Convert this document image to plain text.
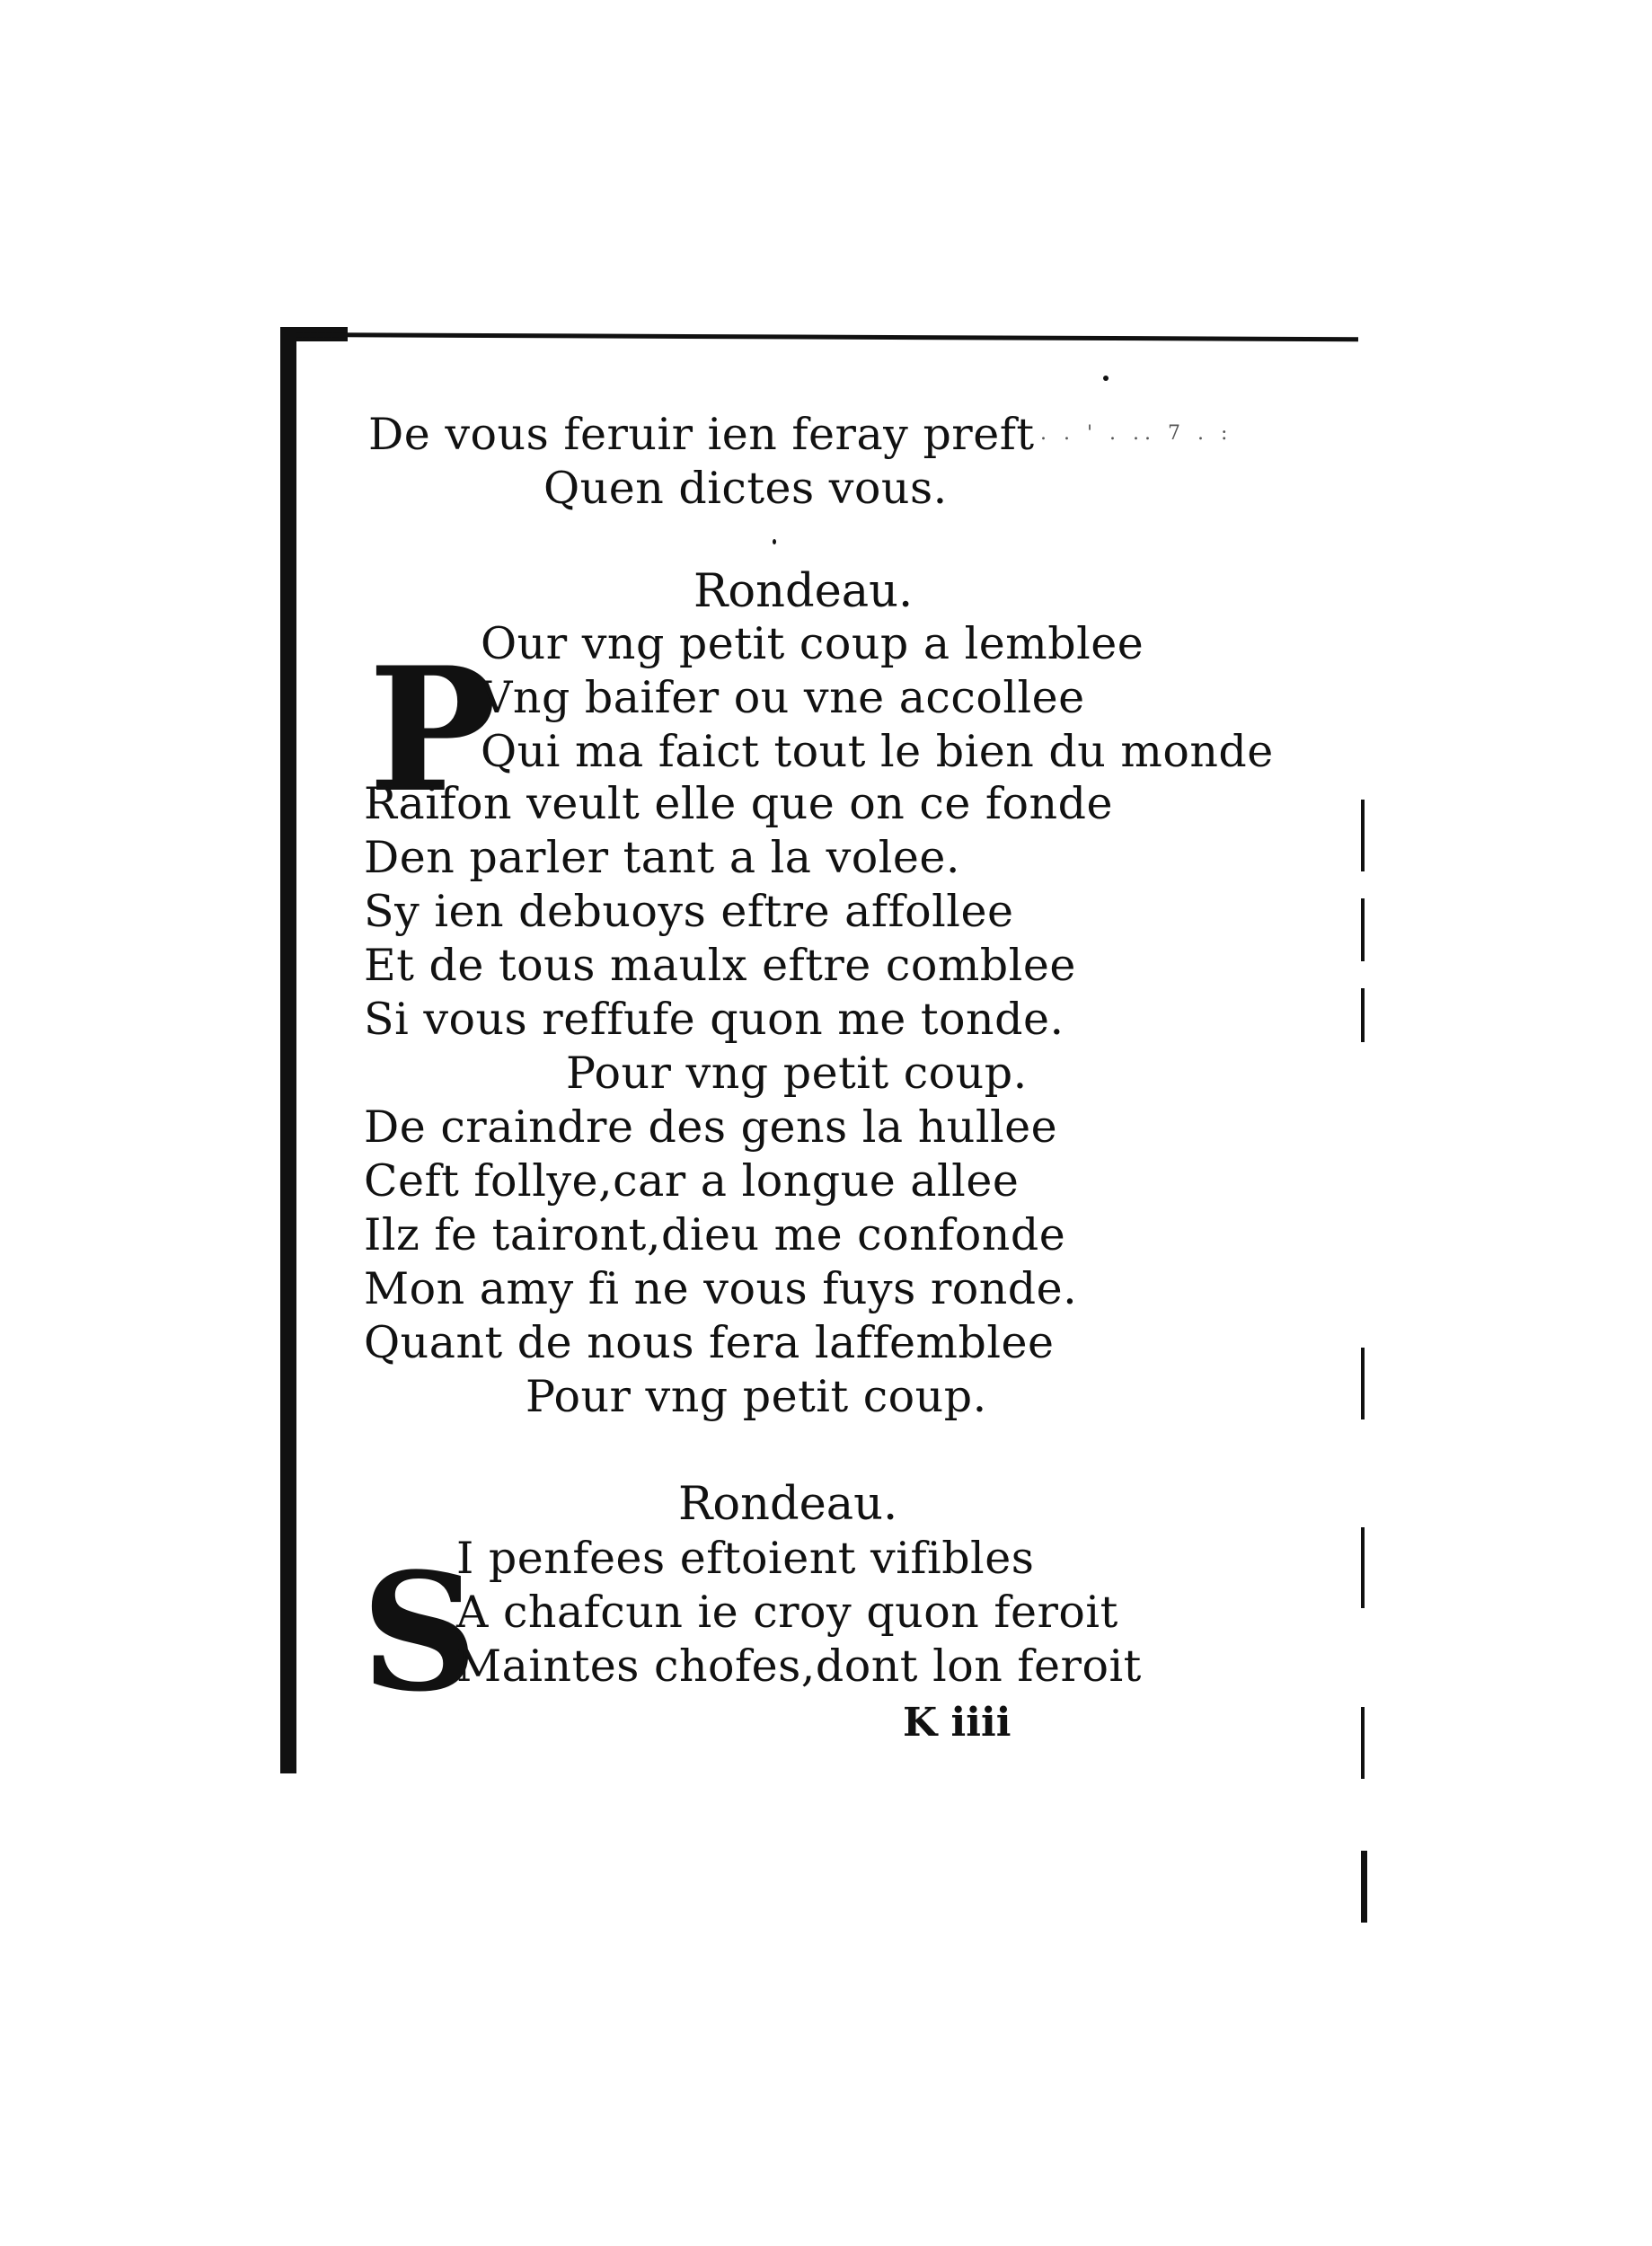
De vous feruir ien feray preft
Quen dictes vous.
. . ' . .. 7 . :
Rondeau.
P
Our vng petit coup a lemblee
Vng baifer ou vne accollee
Qui ma faict tout le bien du monde
Raifon veult elle que on ce fonde
Den parler tant a la volee.
Sy ien debuoys eftre affollee
Et de tous maulx eftre comblee
Si vous reffufe quon me tonde.
Pour vng petit coup.
De craindre des gens la hullee
Ceft follye,car a longue allee
Ilz fe tairont,dieu me confonde
Mon amy fi ne vous fuys ronde.
Quant de nous fera laffemblee
Pour vng petit coup.
Rondeau.
S
I penfees eftoient vifibles
A chafcun ie croy quon feroit
Maintes chofes,dont lon feroit
K iiii
